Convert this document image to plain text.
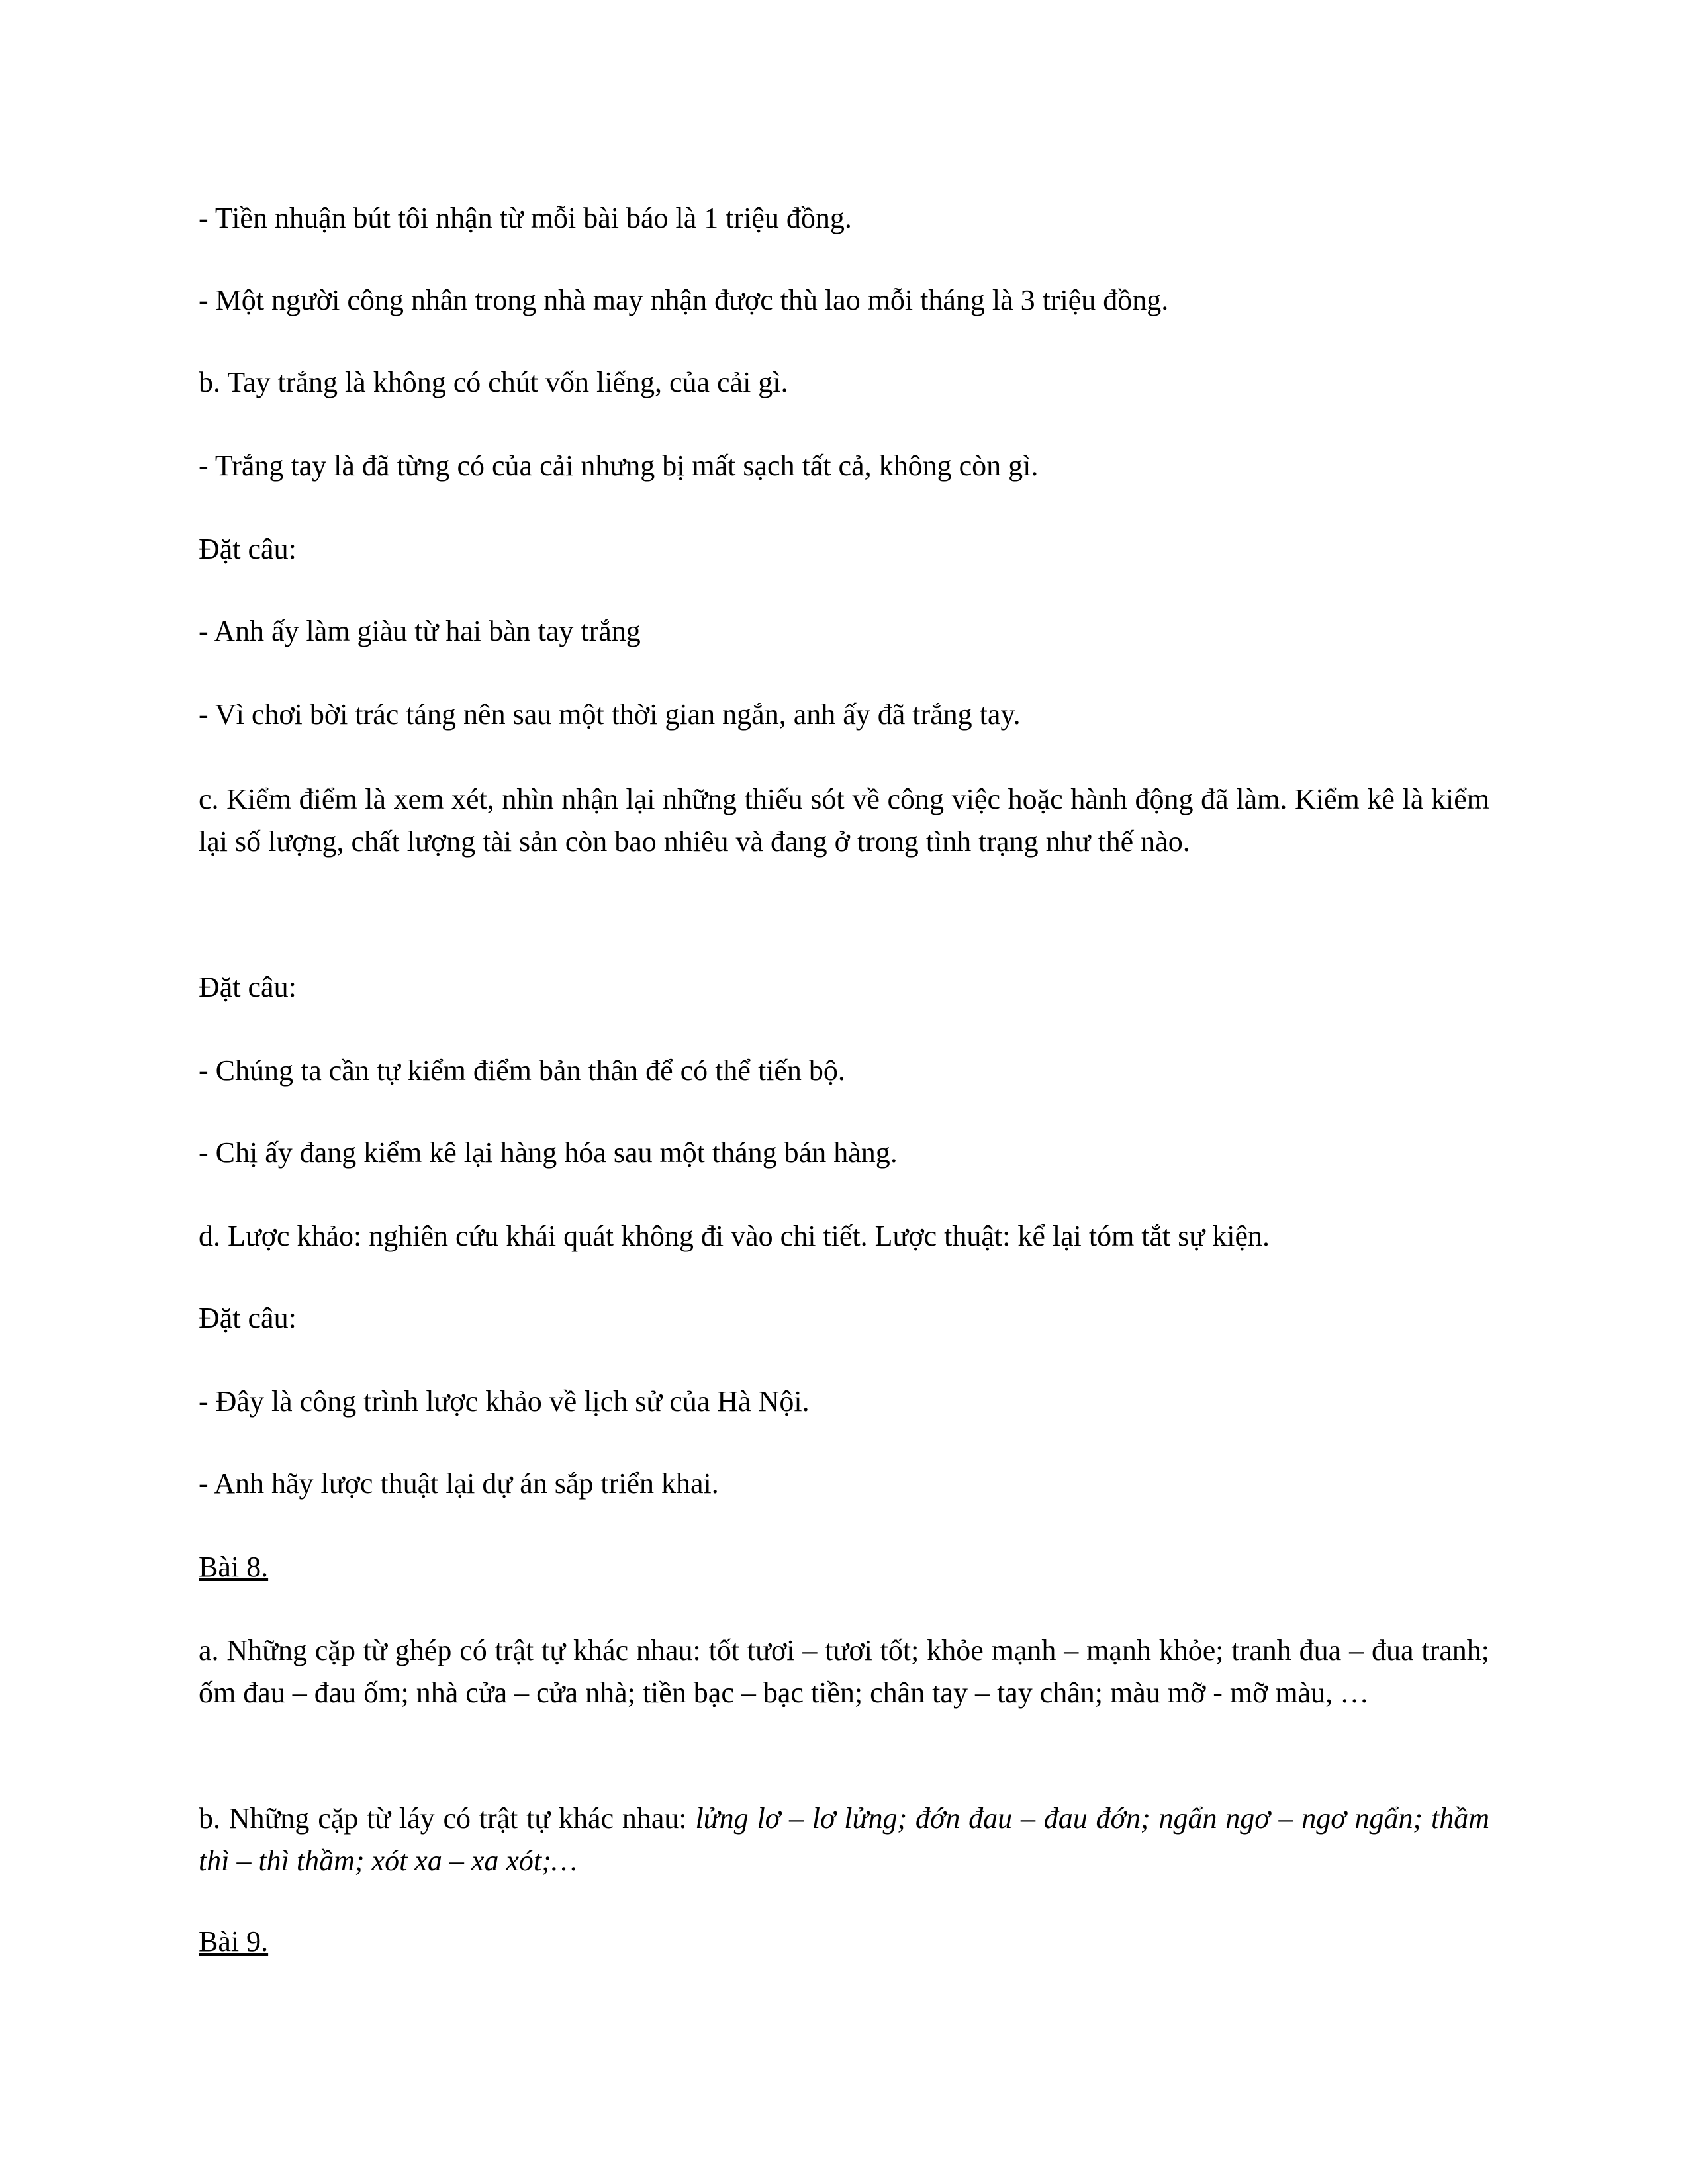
- Tiền nhuận bút tôi nhận từ mỗi bài báo là 1 triệu đồng.
- Một người công nhân trong nhà may nhận được thù lao mỗi tháng là 3 triệu đồng.
b. Tay trắng là không có chút vốn liếng, của cải gì.
- Trắng tay là đã từng có của cải nhưng bị mất sạch tất cả, không còn gì.
Đặt câu:
- Anh ấy làm giàu từ hai bàn tay trắng
- Vì chơi bời trác táng nên sau một thời gian ngắn, anh ấy đã trắng tay.
c. Kiểm điểm là xem xét, nhìn nhận lại những thiếu sót về công việc hoặc hành động đã làm. Kiểm kê là kiểm lại số lượng, chất lượng tài sản còn bao nhiêu và đang ở trong tình trạng như thế nào.
Đặt câu:
- Chúng ta cần tự kiểm điểm bản thân để có thể tiến bộ.
- Chị ấy đang kiểm kê lại hàng hóa sau một tháng bán hàng.
d. Lược khảo: nghiên cứu khái quát không đi vào chi tiết. Lược thuật: kể lại tóm tắt sự kiện.
Đặt câu:
- Đây là công trình lược khảo về lịch sử của Hà Nội.
- Anh hãy lược thuật lại dự án sắp triển khai.
Bài 8.
a. Những cặp từ ghép có trật tự khác nhau: tốt tươi – tươi tốt; khỏe mạnh – mạnh khỏe; tranh đua – đua tranh; ốm đau – đau ốm; nhà cửa – cửa nhà; tiền bạc – bạc tiền; chân tay – tay chân; màu mỡ - mỡ màu, …
b. Những cặp từ láy có trật tự khác nhau: lửng lơ – lơ lửng; đớn đau – đau đớn; ngẩn ngơ – ngơ ngẩn; thầm thì – thì thầm; xót xa – xa xót;…
Bài 9.
